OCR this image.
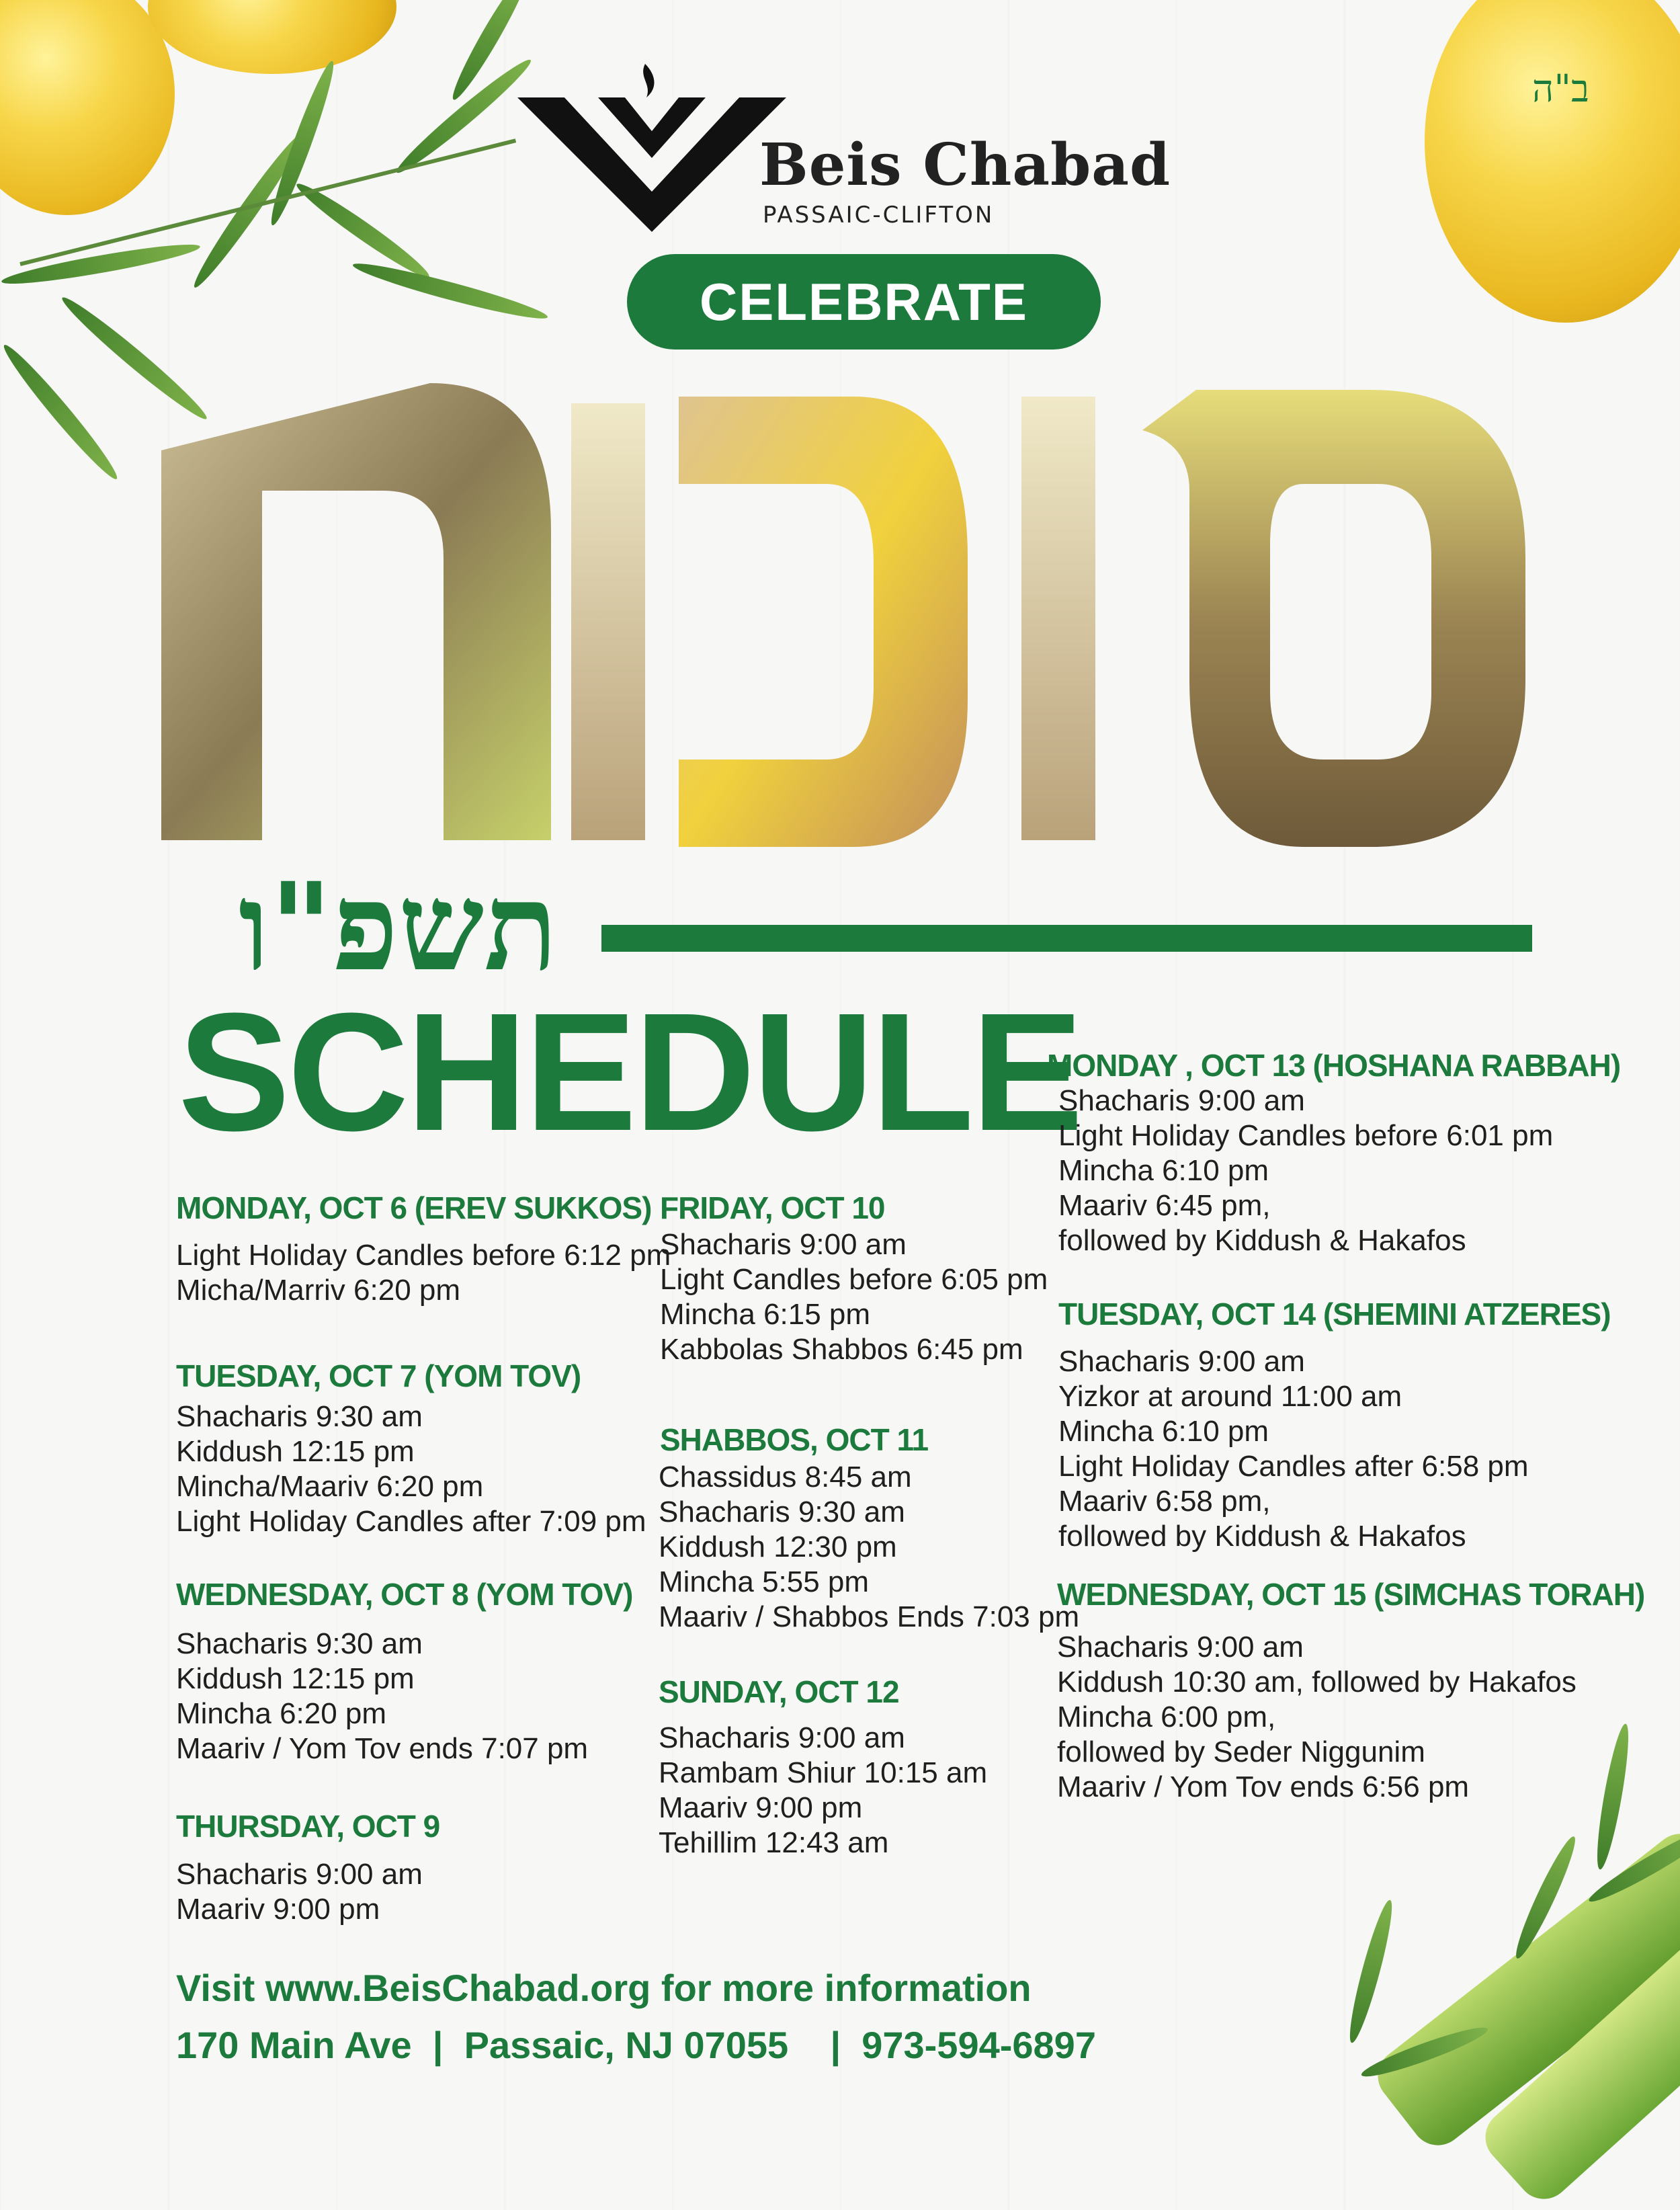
ב"ה
Beis Chabad
PASSAIC-CLIFTON
CELEBRATE
תשפ"ו
SCHEDULE
MONDAY, OCT 6 (EREV SUKKOS)
Light Holiday Candles before 6:12 pm
Micha/Marriv 6:20 pm
TUESDAY, OCT 7 (YOM TOV)
Shacharis 9:30 am
Kiddush 12:15 pm
Mincha/Maariv 6:20 pm
Light Holiday Candles after 7:09 pm
WEDNESDAY, OCT 8 (YOM TOV)
Shacharis 9:30 am
Kiddush 12:15 pm
Mincha 6:20 pm
Maariv / Yom Tov ends 7:07 pm
THURSDAY, OCT 9
Shacharis 9:00 am
Maariv 9:00 pm
FRIDAY, OCT 10
Shacharis 9:00 am
Light Candles before 6:05 pm
Mincha 6:15 pm
Kabbolas Shabbos 6:45 pm
SHABBOS, OCT 11
Chassidus 8:45 am
Shacharis 9:30 am
Kiddush 12:30 pm
Mincha 5:55 pm
Maariv / Shabbos Ends 7:03 pm
SUNDAY, OCT 12
Shacharis 9:00 am
Rambam Shiur 10:15 am
Maariv 9:00 pm
Tehillim 12:43 am
MONDAY , OCT 13 (HOSHANA RABBAH)
Shacharis 9:00 am
Light Holiday Candles before 6:01 pm
Mincha 6:10 pm
Maariv 6:45 pm,
followed by Kiddush & Hakafos
TUESDAY, OCT 14 (SHEMINI ATZERES)
Shacharis 9:00 am
Yizkor at around 11:00 am
Mincha 6:10 pm
Light Holiday Candles after 6:58 pm
Maariv 6:58 pm,
followed by Kiddush & Hakafos
WEDNESDAY, OCT 15 (SIMCHAS TORAH)
Shacharis 9:00 am
Kiddush 10:30 am, followed by Hakafos
Mincha 6:00 pm,
followed by Seder Niggunim
Maariv / Yom Tov ends 6:56 pm
Visit www.BeisChabad.org for more information
170 Main Ave  |  Passaic, NJ 07055    |  973-594-6897
